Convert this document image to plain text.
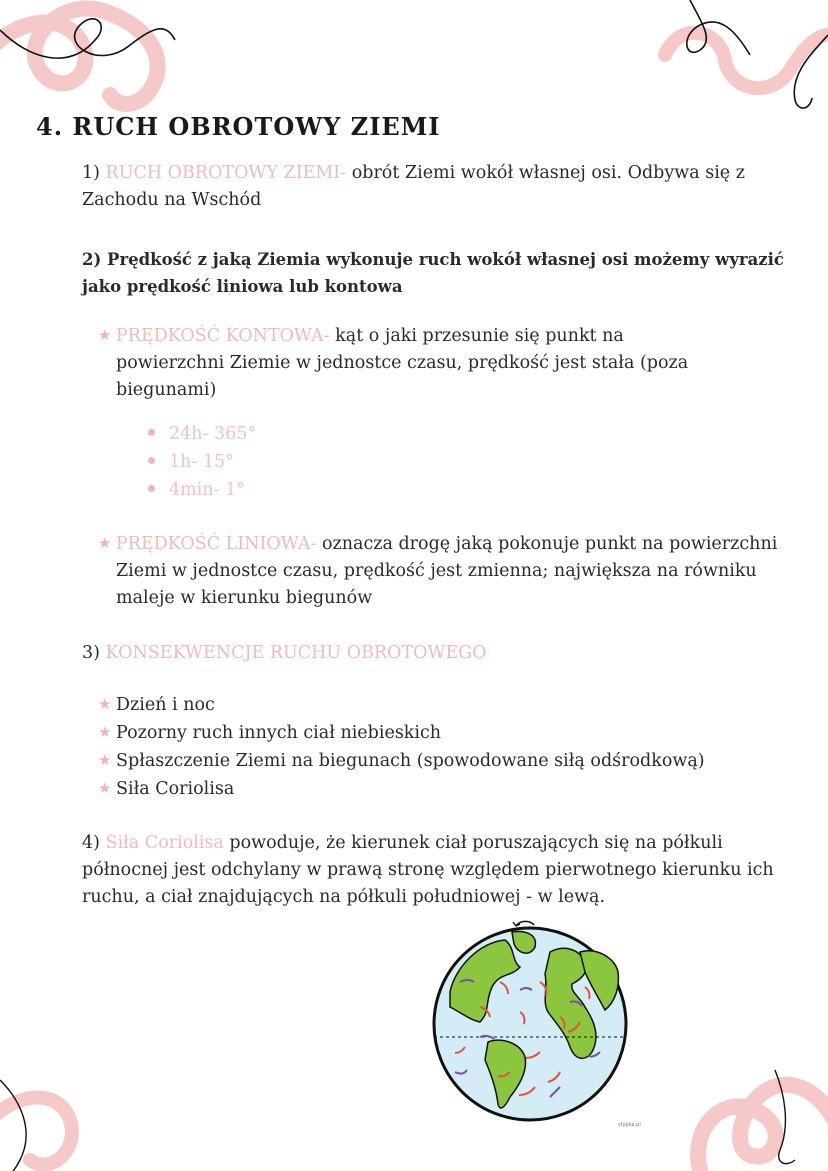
4. RUCH OBROTOWY ZIEMI
1) RUCH OBROTOWY ZIEMI- obrót Ziemi wokół własnej osi. Odbywa się z
Zachodu na Wschód
2) Prędkość z jaką Ziemia wykonuje ruch wokół własnej osi możemy wyrazić
jako prędkość liniowa lub kontowa
★ PRĘDKOŚĆ KONTOWA- kąt o jaki przesunie się punkt na
powierzchni Ziemie w jednostce czasu, prędkość jest stała (poza
biegunami)
24h- 365°
1h- 15°
4min- 1°
★ PRĘDKOŚĆ LINIOWA- oznacza drogę jaką pokonuje punkt na powierzchni
Ziemi w jednostce czasu, prędkość jest zmienna; największa na równiku
maleje w kierunku biegunów
3) KONSEKWENCJE RUCHU OBROTOWEGO
★ Dzień i noc
★ Pozorny ruch innych ciał niebieskich
★ Spłaszczenie Ziemi na biegunach (spowodowane siłą odśrodkową)
★ Siła Coriolisa
4) Siła Coriolisa powoduje, że kierunek ciał poruszających się na półkuli
północnej jest odchylany w prawą stronę względem pierwotnego kierunku ich
ruchu, a ciał znajdujących na półkuli południowej - w lewą.
stypka.pl
